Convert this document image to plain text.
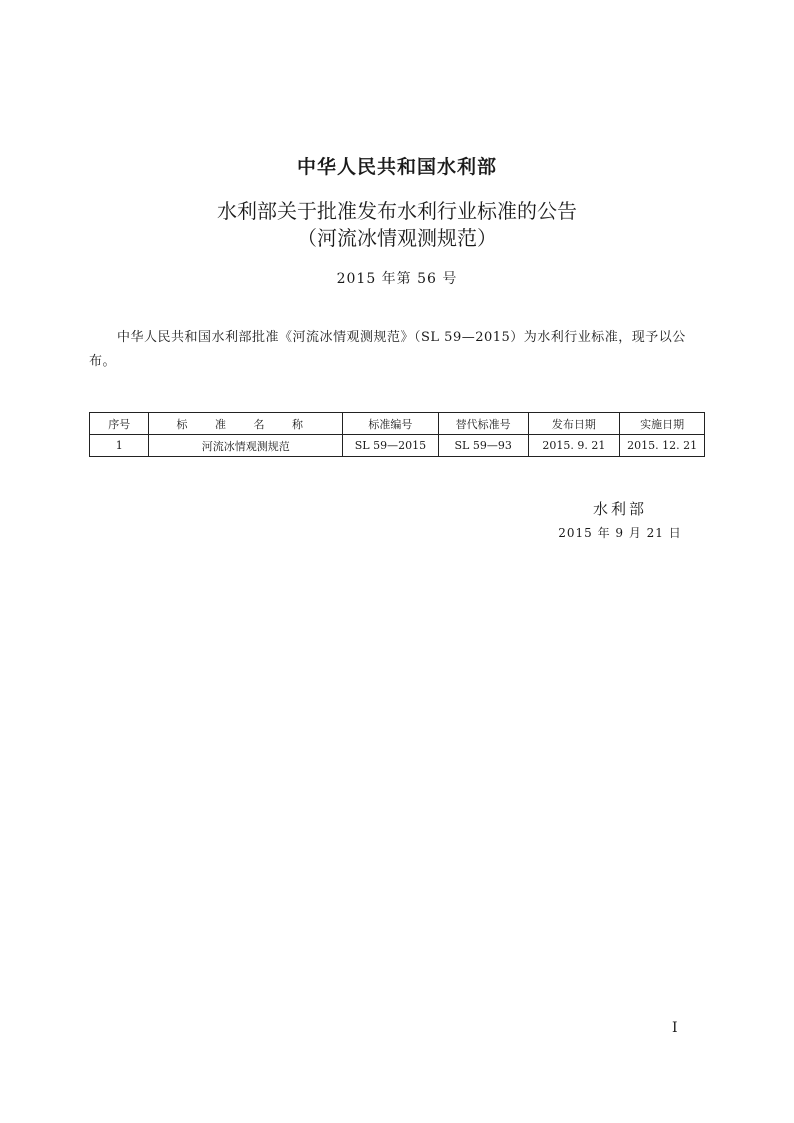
中华人民共和国水利部
水利部关于批准发布水利行业标准的公告
（河流冰情观测规范）
2015 年第 56 号

中华人民共和国水利部批准《河流冰情观测规范》（SL 59—2015）为水利行业标准，现予以公布。

序号	标 准 名 称	标准编号	替代标准号	发布日期	实施日期
1	河流冰情观测规范	SL 59—2015	SL 59—93	2015. 9. 21	2015. 12. 21
水利部
2015 年 9 月 21 日
I
